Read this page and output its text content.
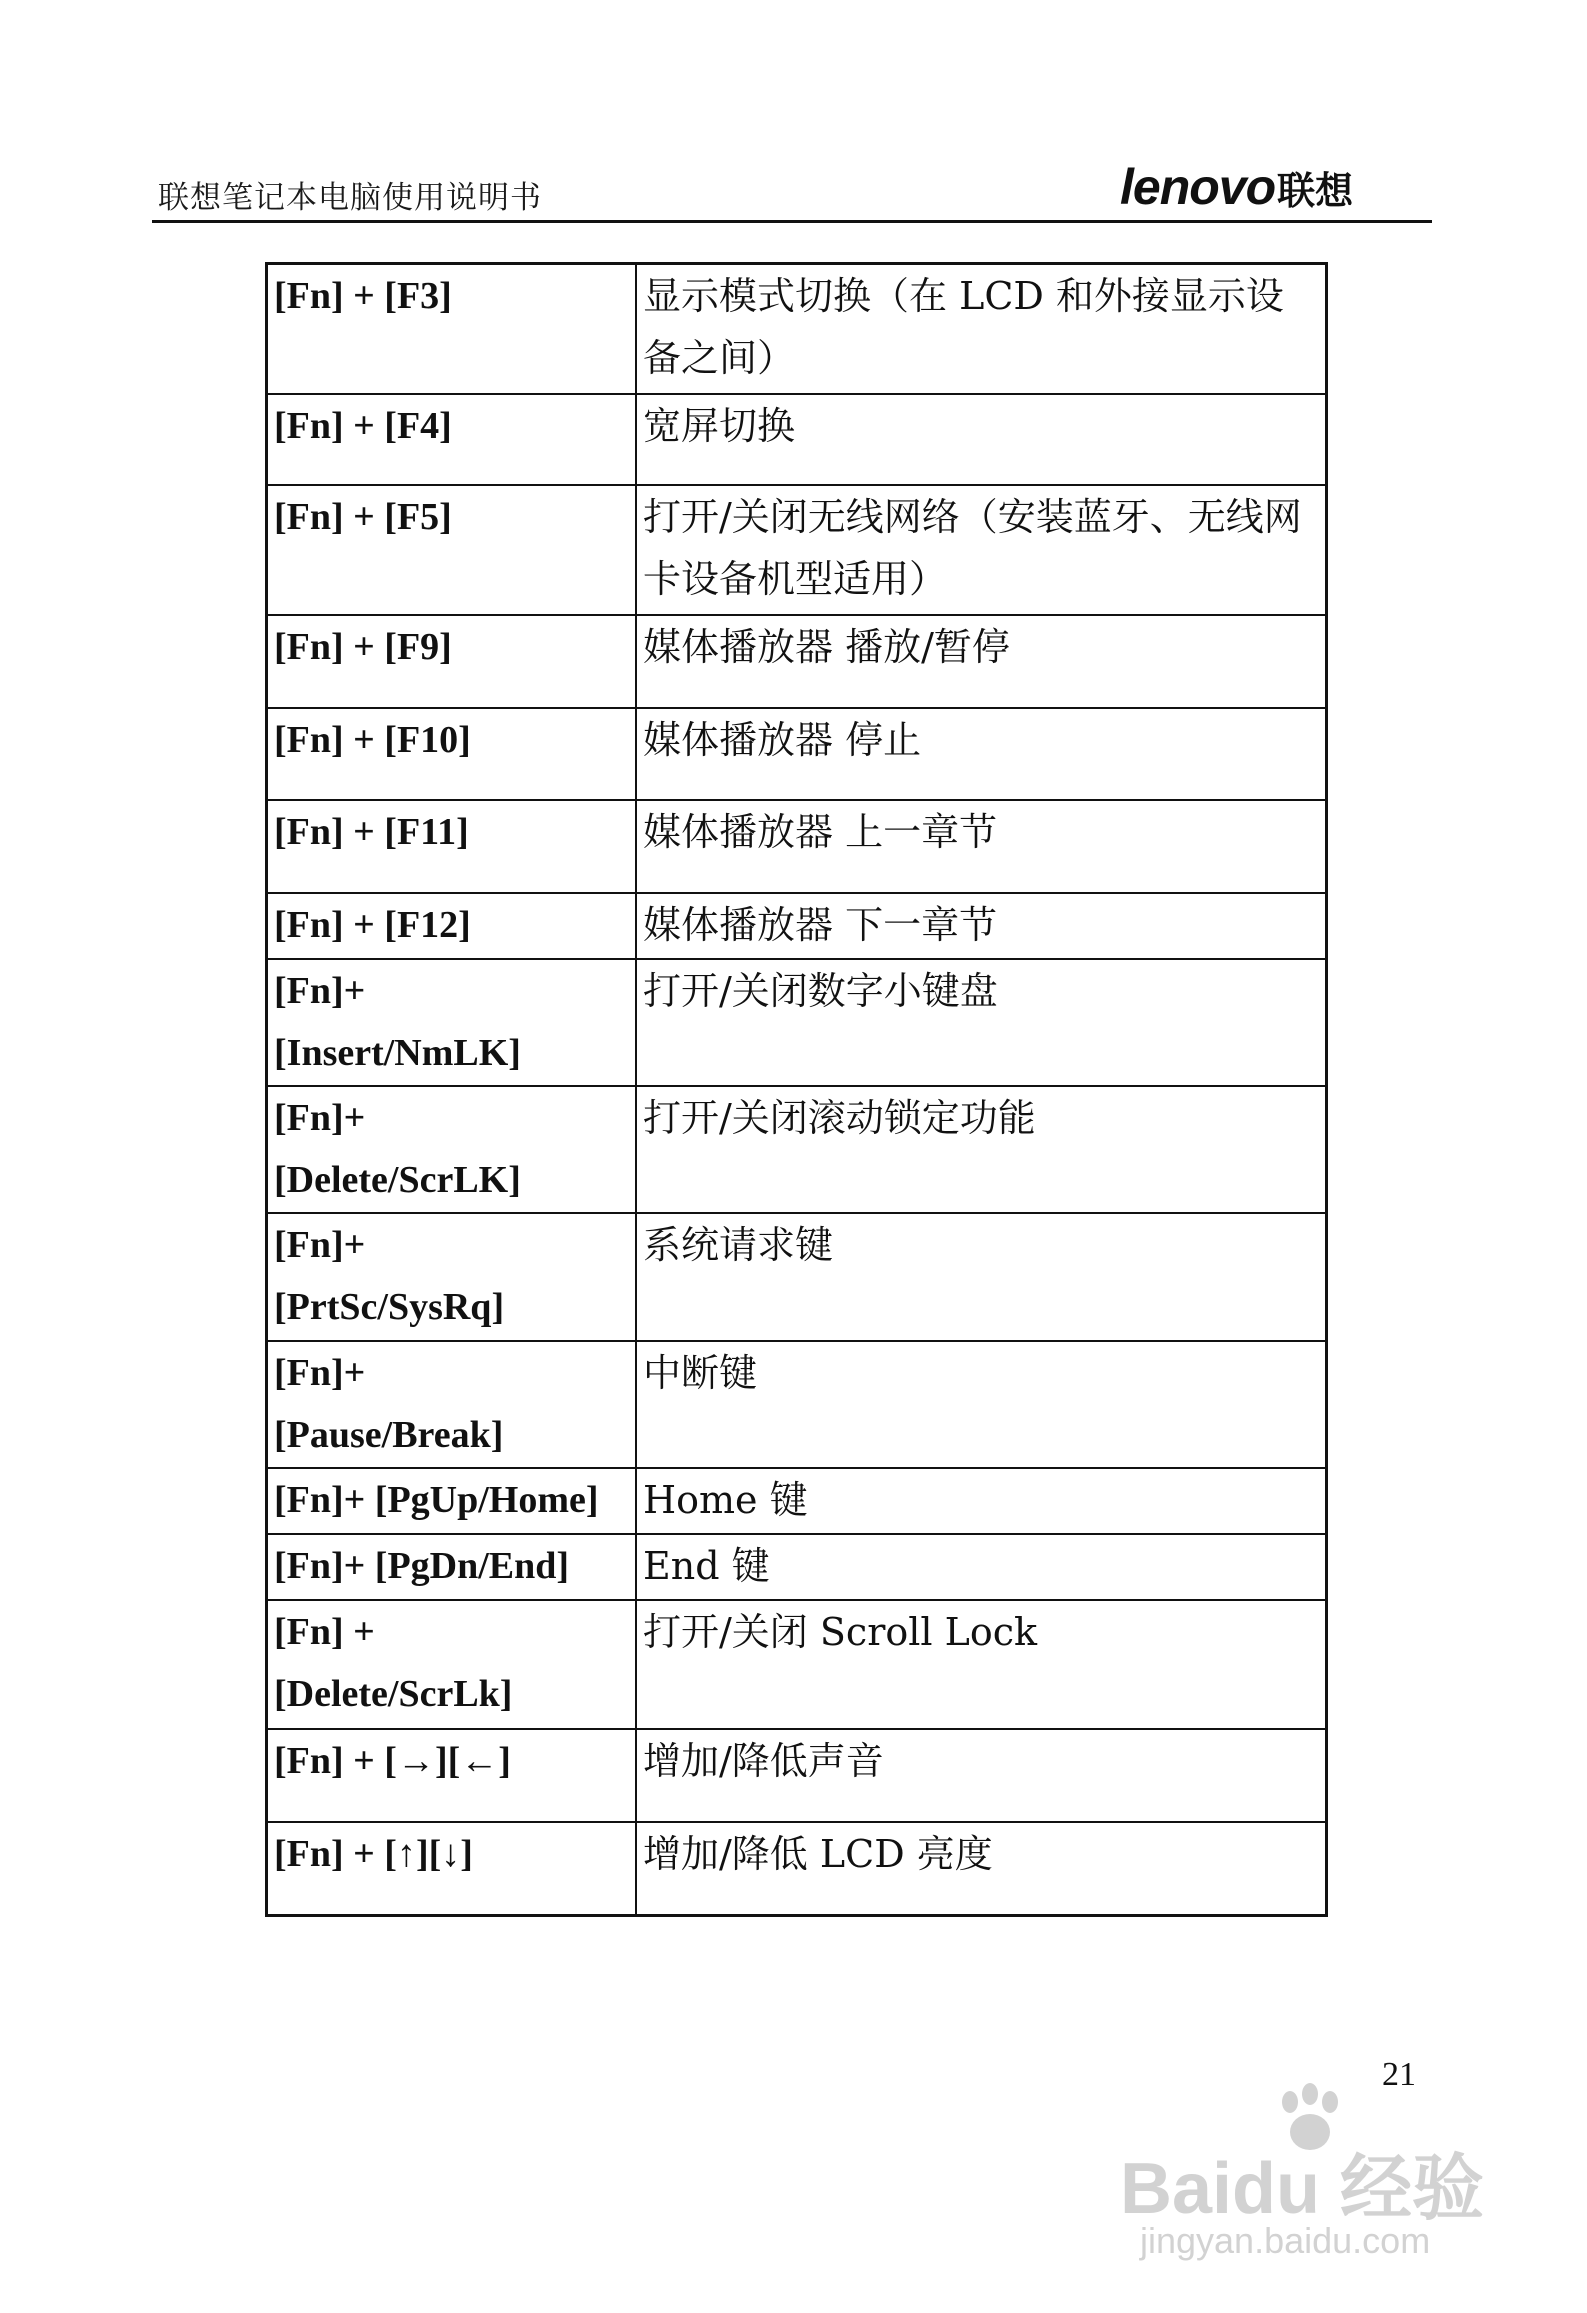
联想笔记本电脑使用说明书	lenovo联想
[Fn] + [F3]	显示模式切换（在 LCD 和外接显示设备之间）
[Fn] + [F4]	宽屏切换
[Fn] + [F5]	打开/关闭无线网络（安装蓝牙、无线网卡设备机型适用）
[Fn] + [F9]	媒体播放器 播放/暂停
[Fn] + [F10]	媒体播放器 停止
[Fn] + [F11]	媒体播放器 上一章节
[Fn] + [F12]	媒体播放器 下一章节
[Fn]+
[Insert/NmLK]	打开/关闭数字小键盘
[Fn]+
[Delete/ScrLK]	打开/关闭滚动锁定功能
[Fn]+
[PrtSc/SysRq]	系统请求键
[Fn]+
[Pause/Break]	中断键
[Fn]+ [PgUp/Home]	Home 键
[Fn]+ [PgDn/End]	End 键
[Fn] +
[Delete/ScrLk]	打开/关闭 Scroll Lock
[Fn] + [→][←]	增加/降低声音
[Fn] + [↑][↓]	增加/降低 LCD 亮度
21
Baidu 经验
jingyan.baidu.com
